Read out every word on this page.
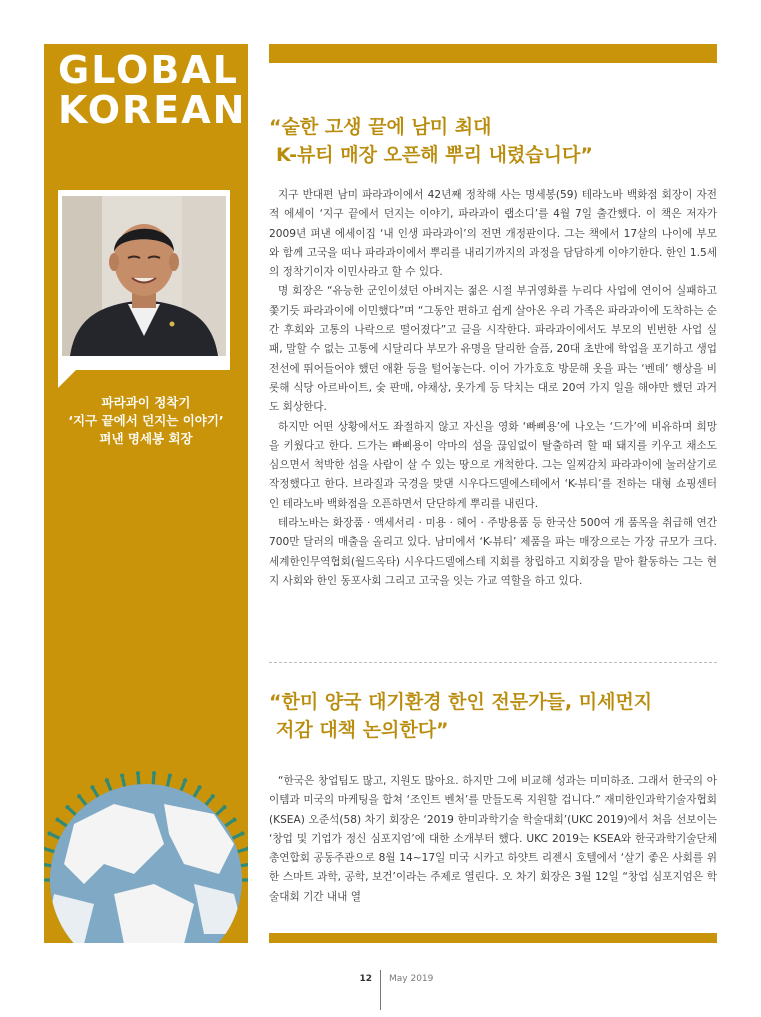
GLOBAL
KOREAN
파라과이 정착기
‘지구 끝에서 던지는 이야기’
펴낸 명세봉 회장
“숱한 고생 끝에 남미 최대
K-뷰티 매장 오픈해 뿌리 내렸습니다”

지구 반대편 남미 파라과이에서 42년째 정착해 사는 명세봉(59) 테라노바 백화점 회장이 자전적 에세이 ‘지구 끝에서 던지는 이야기, 파라과이 랩소디’를 4월 7일 출간했다. 이 책은 저자가 2009년 펴낸 에세이집 ‘내 인생 파라과이’의 전면 개정판이다. 그는 책에서 17살의 나이에 부모와 함께 고국을 떠나 파라과이에서 뿌리를 내리기까지의 과정을 담담하게 이야기한다. 한인 1.5세의 정착기이자 이민사라고 할 수 있다.

명 회장은 “유능한 군인이셨던 아버지는 젊은 시절 부귀영화를 누리다 사업에 연이어 실패하고 쫓기듯 파라과이에 이민했다”며 “그동안 편하고 쉽게 살아온 우리 가족은 파라과이에 도착하는 순간 후회와 고통의 나락으로 떨어졌다”고 글을 시작한다. 파라과이에서도 부모의 빈번한 사업 실패, 말할 수 없는 고통에 시달리다 부모가 유명을 달리한 슬픔, 20대 초반에 학업을 포기하고 생업 전선에 뛰어들어야 했던 애환 등을 털어놓는다. 이어 가가호호 방문해 옷을 파는 ‘벤데’ 행상을 비롯해 식당 아르바이트, 숯 판매, 야채상, 옷가게 등 닥치는 대로 20여 가지 일을 해야만 했던 과거도 회상한다.

하지만 어떤 상황에서도 좌절하지 않고 자신을 영화 ‘빠삐용’에 나오는 ‘드가’에 비유하며 희망을 키웠다고 한다. 드가는 빠삐용이 악마의 섬을 끊임없이 탈출하려 할 때 돼지를 키우고 채소도 심으면서 척박한 섬을 사람이 살 수 있는 땅으로 개척한다. 그는 일찌감치 파라과이에 눌러살기로 작정했다고 한다. 브라질과 국경을 맞댄 시우다드델에스테에서 ‘K-뷰티’를 전하는 대형 쇼핑센터인 테라노바 백화점을 오픈하면서 단단하게 뿌리를 내린다.

테라노바는 화장품 · 액세서리 · 미용 · 헤어 · 주방용품 등 한국산 500여 개 품목을 취급해 연간 700만 달러의 매출을 올리고 있다. 남미에서 ‘K-뷰티’ 제품을 파는 매장으로는 가장 규모가 크다. 세계한인무역협회(월드옥타) 시우다드델에스테 지회를 창립하고 지회장을 맡아 활동하는 그는 현지 사회와 한인 동포사회 그리고 고국을 잇는 가교 역할을 하고 있다.

“한미 양국 대기환경 한인 전문가들, 미세먼지
저감 대책 논의한다”

“한국은 창업팀도 많고, 지원도 많아요. 하지만 그에 비교해 성과는 미미하죠. 그래서 한국의 아이템과 미국의 마케팅을 합쳐 ‘조인트 벤처’를 만들도록 지원할 겁니다.” 재미한인과학기술자협회(KSEA) 오준석(58) 차기 회장은 ‘2019 한미과학기술 학술대회’(UKC 2019)에서 처음 선보이는 ‘창업 및 기업가 정신 심포지엄’에 대한 소개부터 했다. UKC 2019는 KSEA와 한국과학기술단체총연합회 공동주관으로 8월 14~17일 미국 시카고 하얏트 리젠시 호텔에서 ‘살기 좋은 사회를 위한 스마트 과학, 공학, 보건’이라는 주제로 열린다. 오 차기 회장은 3월 12일 “창업 심포지엄은 학술대회 기간 내내 열

12 May 2019
